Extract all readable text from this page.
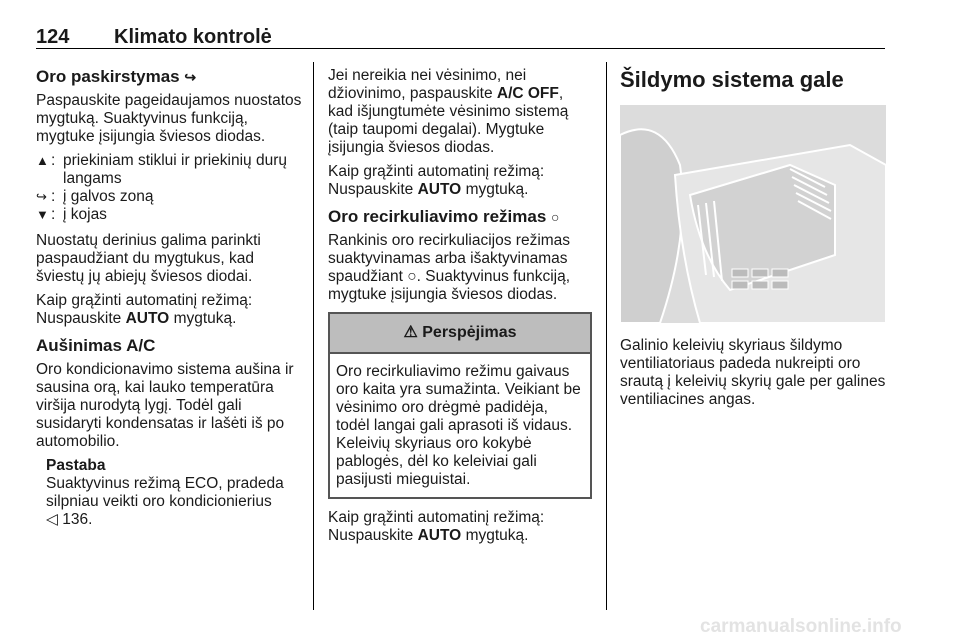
124 Klimato kontrolė
Oro paskirstymas ↪

Paspauskite pageidaujamos nuostatos mygtuką. Suaktyvinus funkciją, mygtuke įsijungia šviesos diodas.

▲ : priekiniam stiklui ir priekinių durų langams
↪ : į galvos zoną
▼ : į kojas

Nuostatų derinius galima parinkti paspaudžiant du mygtukus, kad šviestų jų abiejų šviesos diodai.

Kaip grąžinti automatinį režimą:
Nuspauskite AUTO mygtuką.

Aušinimas A/C

Oro kondicionavimo sistema aušina ir sausina orą, kai lauko temperatūra viršija nurodytą lygį. Todėl gali susidaryti kondensatas ir lašėti iš po automobilio.

Pastaba
Suaktyvinus režimą ECO, pradeda silpniau veikti oro kondicionierius
◁ 136.

Jei nereikia nei vėsinimo, nei džiovinimo, paspauskite A/C OFF, kad išjungtumėte vėsinimo sistemą (taip taupomi degalai). Mygtuke įsijungia šviesos diodas.

Kaip grąžinti automatinį režimą:
Nuspauskite AUTO mygtuką.

Oro recirkuliavimo režimas ○

Rankinis oro recirkuliacijos režimas suaktyvinamas arba išaktyvinamas spaudžiant ○. Suaktyvinus funkciją, mygtuke įsijungia šviesos diodas.

⚠ Perspėjimas
Oro recirkuliavimo režimu gaivaus oro kaita yra sumažinta. Veikiant be vėsinimo oro drėgmė padidėja, todėl langai gali aprasoti iš vidaus. Keleivių skyriaus oro kokybė pablogės, dėl ko keleiviai gali pasijusti mieguistai.

Kaip grąžinti automatinį režimą:
Nuspauskite AUTO mygtuką.

Šildymo sistema gale

Galinio keleivių skyriaus šildymo ventiliatoriaus padeda nukreipti oro srautą į keleivių skyrių gale per galines ventiliacines angas.

carmanualsonline.info
